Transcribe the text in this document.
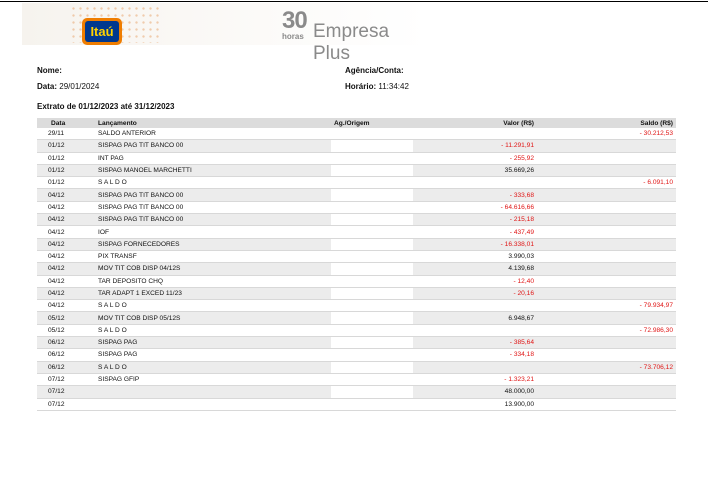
Itaú	30
horas Empresa Plus
Nome:
Data: 29/01/2024
Agência/Conta:
Horário: 11:34:42
Extrato de 01/12/2023 até 31/12/2023
Data	Lançamento	Ag./Origem	Valor (R$)	Saldo (R$)
29/11	SALDO ANTERIOR			- 30.212,53
01/12	SISPAG PAG TIT BANCO 00		- 11.291,91	
01/12	INT PAG		- 255,92	
01/12	SISPAG MANOEL MARCHETTI		35.669,26	
01/12	S A L D O			- 6.091,10
04/12	SISPAG PAG TIT BANCO 00		- 333,68	
04/12	SISPAG PAG TIT BANCO 00		- 64.616,66	
04/12	SISPAG PAG TIT BANCO 00		- 215,18	
04/12	IOF		- 437,49	
04/12	SISPAG FORNECEDORES		- 16.338,01	
04/12	PIX TRANSF		3.990,03	
04/12	MOV TIT COB DISP 04/12S		4.139,68	
04/12	TAR DEPOSITO CHQ		- 12,40	
04/12	TAR ADAPT 1 EXCED 11/23		- 20,16	
04/12	S A L D O			- 79.934,97
05/12	MOV TIT COB DISP 05/12S		6.948,67	
05/12	S A L D O			- 72.986,30
06/12	SISPAG PAG		- 385,64	
06/12	SISPAG PAG		- 334,18	
06/12	S A L D O			- 73.706,12
07/12	SISPAG GFIP		- 1.323,21	
07/12			48.000,00	
07/12			13.900,00	
